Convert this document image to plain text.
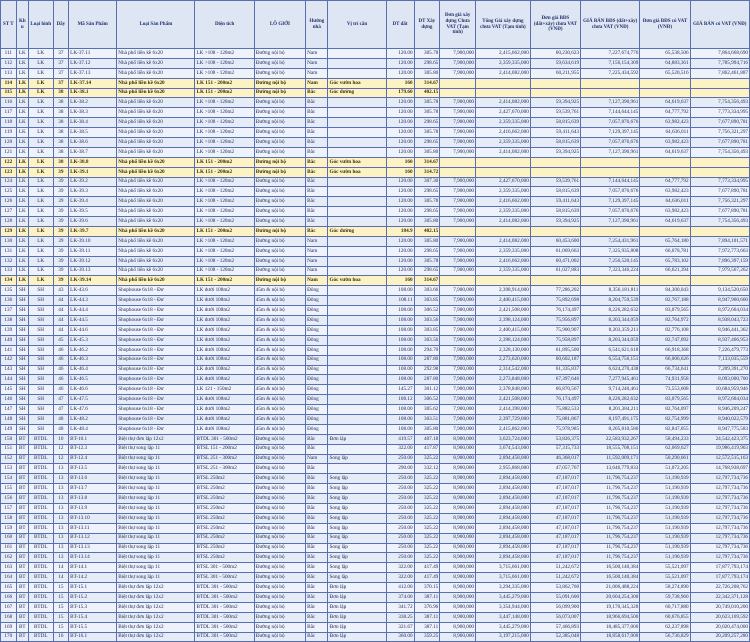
ST T	Kh u	Loại hình	Dãy	Mã Sản Phẩm	Loại Sản Phẩm	Diện tích	LÔ GIỚI	Hướng nhà	Vị trí căn	DT đất	DT Xây dựng	Đơn giá xây dựng Chưa VAT (Tạm tính)	Tổng Giá xây dựng chưa VAT (Tạm tính)	Đơn giá BĐS (đất+xây) chưa VAT (VNĐ)	GIÁ BÁN BĐS (đất+xây) chưa VAT (VNĐ)	Đơn giá BĐS có VAT (VNĐ)	GIÁ BÁN có VAT (VNĐ)
111	LK	LK	37	LK-37.11	Nhà phố liền kề 6x20	LK >108 - 120m2	Đường nội bộ	Nam		120.00	305.78	7,900,000	2,415,662,000	60,230,623	7,227,674,776	65,538,506	7,864,668,690
112	LK	LK	37	LK-37.12	Nhà phố liền kề 6x20	LK >108 - 120m2	Đường nội bộ	Nam		120.00	298.65	7,900,000	2,359,335,000	59,634,619	7,156,154,309	64,883,361	7,785,994,716
113	LK	LK	37	LK-37.13	Nhà phố liền kề 6x20	LK >108 - 120m2	Đường nội bộ	Nam		120.00	305.80	7,900,000	2,414,082,000	60,211,955	7,225,434,592	65,520,516	7,862,461,887
114	LK	LK	37	LK-37.14	Nhà phố liền kề 6x20	LK 151 - 200m2	Đường nội bộ	Nam	Góc vườn hoa	160	314.67						
115	LK	LK	38	LK-38.1	Nhà phố liền kề 6x20	LK 151 - 200m2	Đường nội bộ	Bắc	Góc đường	179.60	402.15						
116	LK	LK	38	LK-38.2	Nhà phố liền kề 6x20	LK >108 - 120m2	Đường nội bộ	Bắc		120.00	305.78	7,900,000	2,414,082,000	59,394,925	7,127,390,961	64,619,637	7,754,356,493
117	LK	LK	38	LK-38.3	Nhà phố liền kề 6x20	LK >108 - 120m2	Đường nội bộ	Bắc		120.00	305.78	7,900,000	2,427,670,000	59,539,761	7,144,644,145	64,777,792	7,773,334,995
118	LK	LK	38	LK-38.4	Nhà phố liền kề 6x20	LK >108 - 120m2	Đường nội bộ	Bắc		120.00	298.65	7,900,000	2,359,335,000	58,815,639	7,057,876,676	63,982,423	7,677,890,781
119	LK	LK	38	LK-38.5	Nhà phố liền kề 6x20	LK >108 - 120m2	Đường nội bộ	Bắc		120.00	305.78	7,900,000	2,416,662,000	59,411,643	7,129,397,145	64,636,011	7,756,321,297
120	LK	LK	38	LK-38.6	Nhà phố liền kề 6x20	LK >108 - 120m2	Đường nội bộ	Bắc		120.00	298.65	7,900,000	2,359,335,000	58,815,639	7,057,876,676	63,982,423	7,677,890,781
121	LK	LK	38	LK-38.7	Nhà phố liền kề 6x20	LK >108 - 120m2	Đường nội bộ	Bắc		120.00	305.80	7,900,000	2,414,082,000	59,394,925	7,127,390,961	64,619,637	7,754,356,493
122	LK	LK	38	LK-38.8	Nhà phố liền kề 6x20	LK 151 - 200m2	Đường nội bộ	Bắc	Góc vườn hoa	160	314.67						
123	LK	LK	39	LK-39.1	Nhà phố liền kề 6x20	LK 151 - 200m2	Đường nội bộ	Bắc	Góc vườn hoa	160	314.72						
124	LK	LK	39	LK-39.2	Nhà phố liền kề 6x20	LK >108 - 120m2	Đường nội bộ	Bắc		120.00	307.30	7,900,000	2,427,670,000	59,539,761	7,144,644,145	64,777,792	7,773,334,995
125	LK	LK	39	LK-39.3	Nhà phố liền kề 6x20	LK >108 - 120m2	Đường nội bộ	Bắc		120.00	298.65	7,900,000	2,359,335,000	58,815,639	7,057,876,676	63,982,423	7,677,890,781
126	LK	LK	39	LK-39.4	Nhà phố liền kề 6x20	LK >108 - 120m2	Đường nội bộ	Bắc		120.00	305.78	7,900,000	2,416,662,000	59,411,643	7,129,397,145	64,636,011	7,756,321,297
127	LK	LK	39	LK-39.5	Nhà phố liền kề 6x20	LK >108 - 120m2	Đường nội bộ	Bắc		120.00	298.65	7,900,000	2,359,335,000	58,815,639	7,057,876,676	63,982,423	7,677,890,781
128	LK	LK	39	LK-39.6	Nhà phố liền kề 6x20	LK >108 - 120m2	Đường nội bộ	Bắc		120.00	305.80	7,900,000	2,414,082,000	59,394,925	7,127,390,961	64,619,637	7,754,356,493
129	LK	LK	39	LK-39.7	Nhà phố liền kề 6x20	LK 151 - 200m2	Đường nội bộ	Bắc	Góc đường	184.9	402.15						
130	LK	LK	39	LK-39.10	Nhà phố liền kề 6x20	LK >108 - 120m2	Đường nội bộ	Nam		120.00	305.80	7,900,000	2,414,082,000	60,453,600	7,254,431,961	65,764,180	7,894,101,571
131	LK	LK	39	LK-39.11	Nhà phố liền kề 6x20	LK >108 - 120m2	Đường nội bộ	Nam		120.00	298.65	7,900,000	2,359,335,000	61,069,663	7,325,935,808	66,678,781	7,972,773,663
132	LK	LK	39	LK-39.12	Nhà phố liền kề 6x20	LK >108 - 120m2	Đường nội bộ	Nam		120.00	305.78	7,900,000	2,416,662,000	60,471,002	7,256,520,145	65,783,102	7,896,397,159
133	LK	LK	39	LK-39.13	Nhà phố liền kề 6x20	LK >108 - 120m2	Đường nội bộ	Nam		120.00	298.65	7,900,000	2,359,335,000	61,027,883	7,323,346,224	66,621,394	7,979,567,262
134	LK	LK	39	LK-39.14	Nhà phố liền kề 6x20	LK 151 - 200m2	Đường nội bộ	Nam	Góc vườn hoa	160	314.67						
135	SH	SH	43	LK-43.6	Shophouse 6x18 - Đư	LK dưới 108m2	45m & nội bộ	Đông		108.00	303.66	7,900,000	2,398,914,000	77,286,202	8,356,181,811	84,300,043	9,134,520,650
136	SH	SH	44	LK-44.3	Shophouse 6x18 - Đư	LK dưới 108m2	45m & nội bộ	Đông		108.11	303.85	7,900,000	2,400,415,000	75,892,698	8,204,759,539	82,767,188	8,947,960,660
137	SH	SH	44	LK-44.4	Shophouse 6x18 - Đư	LK dưới 108m2	45m & nội bộ	Đông		108.00	306.52	7,900,000	2,421,508,000	76,174,497	8,226,282,632	83,079,565	8,972,604,034
138	SH	SH	44	LK-44.5	Shophouse 6x18 - Đư	LK dưới 108m2	45m & nội bộ	Đông		108.00	303.56	7,900,000	2,398,124,000	75,956,897	8,203,344,059	82,764,972	8,938,043,723
139	SH	SH	44	LK-44.6	Shophouse 6x18 - Đư	LK dưới 108m2	45m & nội bộ	Đông		108.00	303.85	7,900,000	2,400,415,000	75,900,907	8,203,359,211	82,776,108	8,946,441,362
140	SH	SH	45	LK-45.3	Shophouse 6x18 - Đư	LK dưới 108m2	45m & nội bộ	Đông		108.00	303.56	7,900,000	2,398,124,000	75,958,897	8,203,344,059	82,747,092	8,937,466,953
141	SH	SH	46	LK-46.2	Shophouse 6x18 - Đư	LK dưới 108m2	45m & nội bộ	Đông		108.00	294.70	7,900,000	2,328,130,000	61,895,500	6,541,621,618	66,918,368	7,226,479,773
142	SH	SH	46	LK-46.3	Shophouse 6x18 - Đư	LK dưới 108m2	45m & nội bộ	Đông		108.00	287.80	7,900,000	2,273,620,000	60,602,187	6,554,756,151	66,006,626	7,133,035,559
143	SH	SH	46	LK-46.4	Shophouse 6x18 - Đư	LK dưới 108m2	45m & nội bộ	Đông		108.00	292.98	7,900,000	2,314,542,000	61,335,837	6,624,270,438	66,734,641	7,209,391,270
144	SH	SH	46	LK-46.5	Shophouse 6x18 - Đư	LK dưới 108m2	45m & nội bộ	Đông		108.00	287.80	7,900,000	2,273,848,000	67,397,646	7,277,945,461	74,931,958	8,093,000,700
145	SH	SH	46	LK-46.6	Shophouse 6x18 - Đư	LK 121 - 150m2	45m & nội bộ	Đông		145.27	301.12	7,900,000	2,378,848,000	66,870,567	9,714,240,461	73,553,608	10,684,959,946
146	SH	SH	47	LK-47.5	Shophouse 6x18 - Đư	LK dưới 108m2	45m & nội bộ	Đông		108.12	306.52	7,900,000	2,421,508,000	76,174,497	8,226,282,632	83,079,565	8,972,604,034
147	SH	SH	47	LK-47.6	Shophouse 6x18 - Đư	LK dưới 108m2	45m & nội bộ	Đông		108.00	305.62	7,900,000	2,414,398,000	75,882,533	8,201,384,211	82,764,097	8,946,209,247
148	SH	SH	48	LK-48.2	Shophouse 6x18 - Đư	LK dưới 108m2	45m & nội bộ	Đông		108.00	303.51	7,900,000	2,397,729,000	75,881,867	8,197,491,175	82,754,999	8,940,022,579
149	SH	SH	48	LK-48.4	Shophouse 6x18 - Đư	LK dưới 108m2	45m & nội bộ	Đông		108.00	305.80	7,900,000	2,415,862,000	75,978,985	8,205,810,580	82,847,055	8,947,775,583
150	BT	BTDL	10	BT-10.1	Biệt thự đơn lập 12x2	BTDL 301 - 500m2	Đường nội bộ	Bắc	Đơn lập	419.57	407.18	8,900,000	3,623,724,000	53,826,375	22,583,932,267	58,494,233	24,542,423,375
151	BT	BTDL	12	BT-12.3	Biệt thự song lập 11	BTSL 151 - 200m2	Đường nội bộ	Bắc		322.00	417.87	8,900,000	3,674,543,000	57,315,733	18,555,708,151	62,069,627	19,986,419,903
152	BT	BTDL	12	BT-12.4	Biệt thự song lập 11	BTSL 251 - 300m2	Đường nội bộ	Nam	Song lập	250.00	325.22	8,900,000	2,894,458,000	46,368,017	11,592,009,171	50,290,661	12,572,515,163
153	BT	BTDL	13	BT-13.5	Biệt thự song lập 11	BTSL 251 - 300m2	Đường nội bộ	Bắc		290.00	332.12	8,900,000	2,955,868,000	47,057,767	13,646,779,833	51,072,205	14,768,938,697
154	BT	BTDL	13	BT-13.6	Biệt thự song lập 11	BTSL 250m2	Đường nội bộ	Bắc	Song lập	250.00	325.22	8,900,000	2,894,458,000	47,187,017	11,796,754,237	51,190,939	12,797,734,736
155	BT	BTDL	13	BT-13.7	Biệt thự song lập 11	BTSL 250m2	Đường nội bộ	Bắc	Song lập	250.00	325.22	8,900,000	2,894,458,000	47,187,017	11,796,754,237	51,190,939	12,797,734,736
156	BT	BTDL	13	BT-13.8	Biệt thự song lập 11	BTSL 250m2	Đường nội bộ	Bắc	Song lập	250.00	325.22	8,900,000	2,894,458,000	47,187,017	11,796,754,237	51,190,939	12,797,734,736
157	BT	BTDL	13	BT-13.9	Biệt thự song lập 11	BTSL 250m2	Đường nội bộ	Bắc	Song lập	250.00	325.22	8,900,000	2,894,458,000	47,187,017	11,796,754,237	51,190,939	12,797,734,736
158	BT	BTDL	13	BT-13.10	Biệt thự song lập 11	BTSL 250m2	Đường nội bộ	Bắc	Song lập	250.00	325.22	8,900,000	2,894,458,000	47,187,017	11,796,754,237	51,190,939	12,797,734,736
159	BT	BTDL	13	BT-13.11	Biệt thự song lập 11	BTSL 250m2	Đường nội bộ	Bắc	Song lập	250.00	325.22	8,900,000	2,894,458,000	47,187,017	11,796,754,237	51,190,939	12,797,734,736
160	BT	BTDL	13	BT-13.12	Biệt thự song lập 11	BTSL 250m2	Đường nội bộ	Bắc	Song lập	250.00	325.22	8,900,000	2,894,458,000	47,187,017	11,796,754,237	51,190,939	12,797,734,736
161	BT	BTDL	13	BT-13.13	Biệt thự song lập 11	BTSL 250m2	Đường nội bộ	Bắc	Song lập	250.00	325.22	8,900,000	2,894,458,000	47,187,017	11,796,754,237	51,190,939	12,797,734,736
162	BT	BTDL	13	BT-13.14	Biệt thự song lập 11	BTSL 250m2	Đường nội bộ	Bắc	Song lập	250.00	325.22	8,900,000	2,894,458,000	47,187,017	11,796,754,237	51,190,939	12,797,734,736
163	BT	BTDL	14	BT-14.1	Biệt thự song lập 11	BTSL 301 - 500m2	Đường nội bộ	Bắc	Song lập	322.00	417.49	8,900,000	3,715,661,000	51,242,672	16,500,140,384	55,521,097	17,877,793,174
164	BT	BTDL	14	BT-14.2	Biệt thự song lập 11	BTSL 301 - 500m2	Đường nội bộ	Bắc	Song lập	322.00	417.49	8,900,000	3,715,661,000	51,242,672	16,500,140,384	55,521,097	17,877,793,174
165	BT	BTDL	15	BT-15.1	Biệt thự đơn lập 12x2	BTDL 301 - 500m2	Đường nội bộ	Bắc	Đơn lập	412.00	370.15	8,900,000	3,294,335,000	53,862,760	21,006,488,224	58,274,890	22,726,208,762
166	BT	BTDL	15	BT-15.2	Biệt thự đơn lập 12x2	BTDL 301 - 500m2	Đường nội bộ	Bắc	Đơn lập	374.00	387.11	8,900,000	3,445,279,000	55,091,600	20,604,254,300	59,738,960	22,342,371,128
167	BT	BTDL	15	BT-15.3	Biệt thự đơn lập 12x2	BTDL 301 - 500m2	Đường nội bộ	Bắc	Đơn lập	341.72	376.96	8,900,000	3,354,944,000	56,099,900	19,170,345,328	60,717,880	20,749,010,200
168	BT	BTDL	15	BT-15.4	Biệt thự đơn lập 12x2	BTDL 301 - 500m2	Đường nội bộ	Bắc	Đơn lập	338.25	387.11	8,900,000	3,447,148,000	56,073,007	18,966,694,500	60,676,855	20,623,169,592
169	BT	BTDL	15	BT-15.5	Biệt thự đơn lập 12x2	BTDL 301 - 500m2	Đường nội bộ	Bắc	Đơn lập	321.67	387.11	8,900,000	3,445,279,000	57,466,893	18,485,377,000	62,237,898	20,020,474,000
170	BT	BTDL	16	BT-16.1	Biệt thự đơn lập 12x2	BTDL 301 - 500m2	Đường nội bộ	Bắc	Đơn lập	360.00	359.25	8,900,000	3,197,215,000	52,385,048	18,858,617,000	56,736,829	20,209,257,280
